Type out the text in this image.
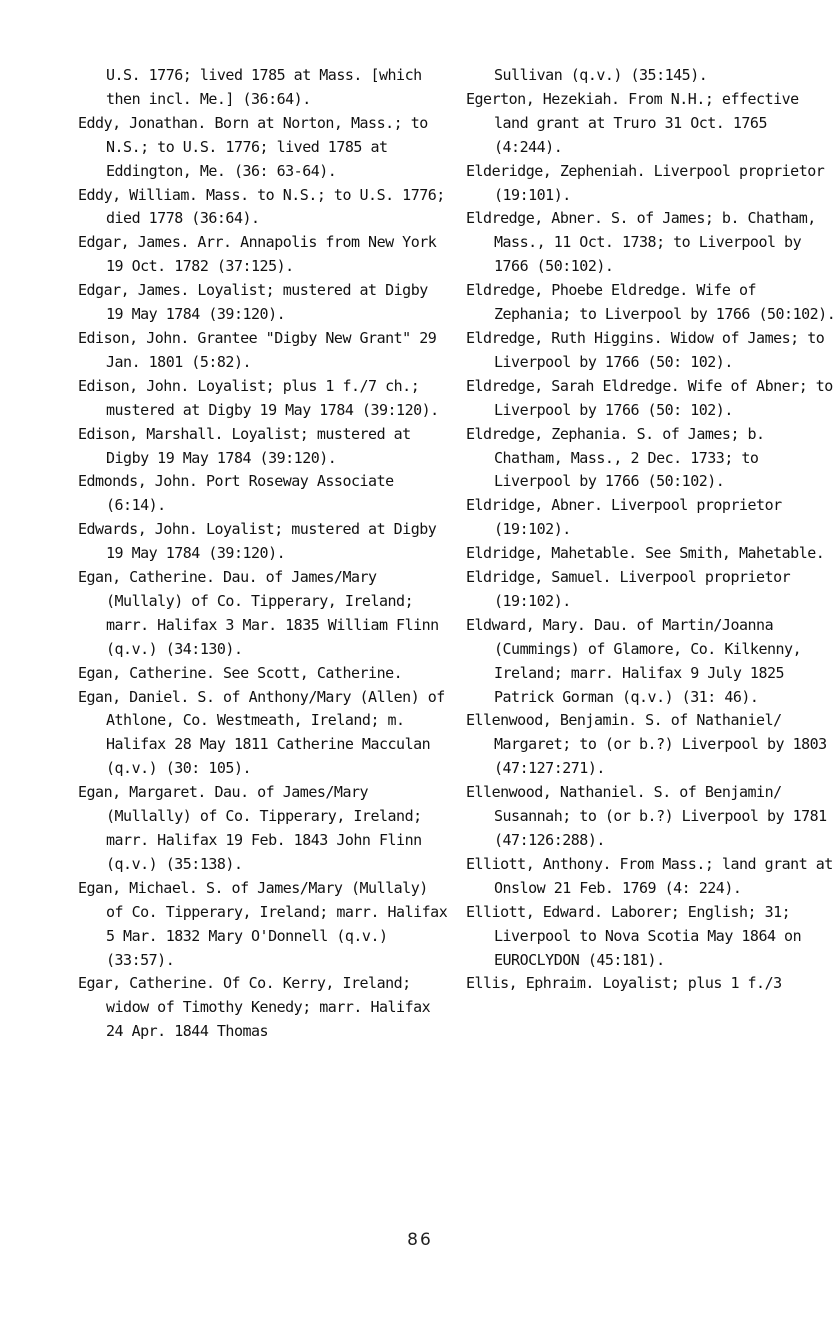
U.S. 1776; lived 1785 at Mass. [which then incl. Me.] (36:64).

Eddy, Jonathan. Born at Norton, Mass.; to N.S.; to U.S. 1776; lived 1785 at Eddington, Me. (36: 63-64).

Eddy, William. Mass. to N.S.; to U.S. 1776; died 1778 (36:64).

Edgar, James. Arr. Annapolis from New York 19 Oct. 1782 (37:125).

Edgar, James. Loyalist; mustered at Digby 19 May 1784 (39:120).

Edison, John. Grantee "Digby New Grant" 29 Jan. 1801 (5:82).

Edison, John. Loyalist; plus 1 f./7 ch.; mustered at Digby 19 May 1784 (39:120).

Edison, Marshall. Loyalist; mustered at Digby 19 May 1784 (39:120).

Edmonds, John. Port Roseway Associate (6:14).

Edwards, John. Loyalist; mustered at Digby 19 May 1784 (39:120).

Egan, Catherine. Dau. of James/Mary (Mullaly) of Co. Tipperary, Ireland; marr. Halifax 3 Mar. 1835 William Flinn (q.v.) (34:130).

Egan, Catherine. See Scott, Catherine.

Egan, Daniel. S. of Anthony/Mary (Allen) of Athlone, Co. Westmeath, Ireland; m. Halifax 28 May 1811 Catherine Macculan (q.v.) (30: 105).

Egan, Margaret. Dau. of James/Mary (Mullally) of Co. Tipperary, Ireland; marr. Halifax 19 Feb. 1843 John Flinn (q.v.) (35:138).

Egan, Michael. S. of James/Mary (Mullaly) of Co. Tipperary, Ireland; marr. Halifax 5 Mar. 1832 Mary O'Donnell (q.v.) (33:57).

Egar, Catherine. Of Co. Kerry, Ireland; widow of Timothy Kenedy; marr. Halifax 24 Apr. 1844 Thomas

Sullivan (q.v.) (35:145).

Egerton, Hezekiah. From N.H.; effective land grant at Truro 31 Oct. 1765 (4:244).

Elderidge, Zepheniah. Liverpool proprietor (19:101).

Eldredge, Abner. S. of James; b. Chatham, Mass., 11 Oct. 1738; to Liverpool by 1766 (50:102).

Eldredge, Phoebe Eldredge. Wife of Zephania; to Liverpool by 1766 (50:102).

Eldredge, Ruth Higgins. Widow of James; to Liverpool by 1766 (50: 102).

Eldredge, Sarah Eldredge. Wife of Abner; to Liverpool by 1766 (50: 102).

Eldredge, Zephania. S. of James; b. Chatham, Mass., 2 Dec. 1733; to Liverpool by 1766 (50:102).

Eldridge, Abner. Liverpool proprietor (19:102).

Eldridge, Mahetable. See Smith, Mahetable.

Eldridge, Samuel. Liverpool proprietor (19:102).

Eldward, Mary. Dau. of Martin/Joanna (Cummings) of Glamore, Co. Kilkenny, Ireland; marr. Halifax 9 July 1825 Patrick Gorman (q.v.) (31: 46).

Ellenwood, Benjamin. S. of Nathaniel/ Margaret; to (or b.?) Liverpool by 1803 (47:127:271).

Ellenwood, Nathaniel. S. of Benjamin/ Susannah; to (or b.?) Liverpool by 1781 (47:126:288).

Elliott, Anthony. From Mass.; land grant at Onslow 21 Feb. 1769 (4: 224).

Elliott, Edward. Laborer; English; 31; Liverpool to Nova Scotia May 1864 on EUROCLYDON (45:181).

Ellis, Ephraim. Loyalist; plus 1 f./3

86
